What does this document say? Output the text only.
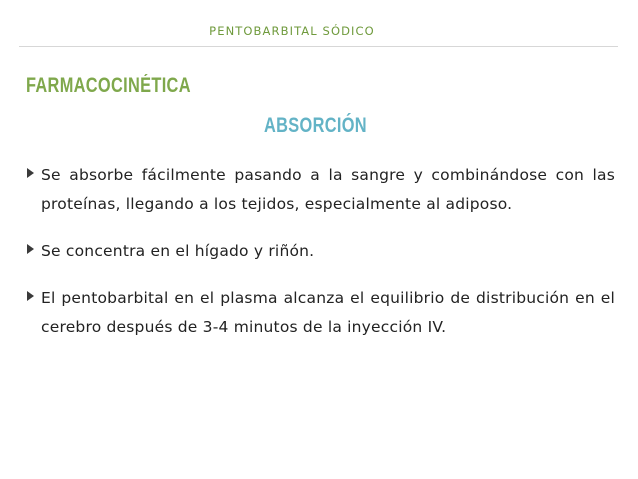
PENTOBARBITAL SÓDICO
FARMACOCINÉTICA
ABSORCIÓN
Se absorbe fácilmente pasando a la sangre y combinándose con las proteínas, llegando a los tejidos, especialmente al adiposo.
Se concentra en el hígado y riñón.
El pentobarbital en el plasma alcanza el equilibrio de distribución en el cerebro después de 3-4 minutos de la inyección IV.
